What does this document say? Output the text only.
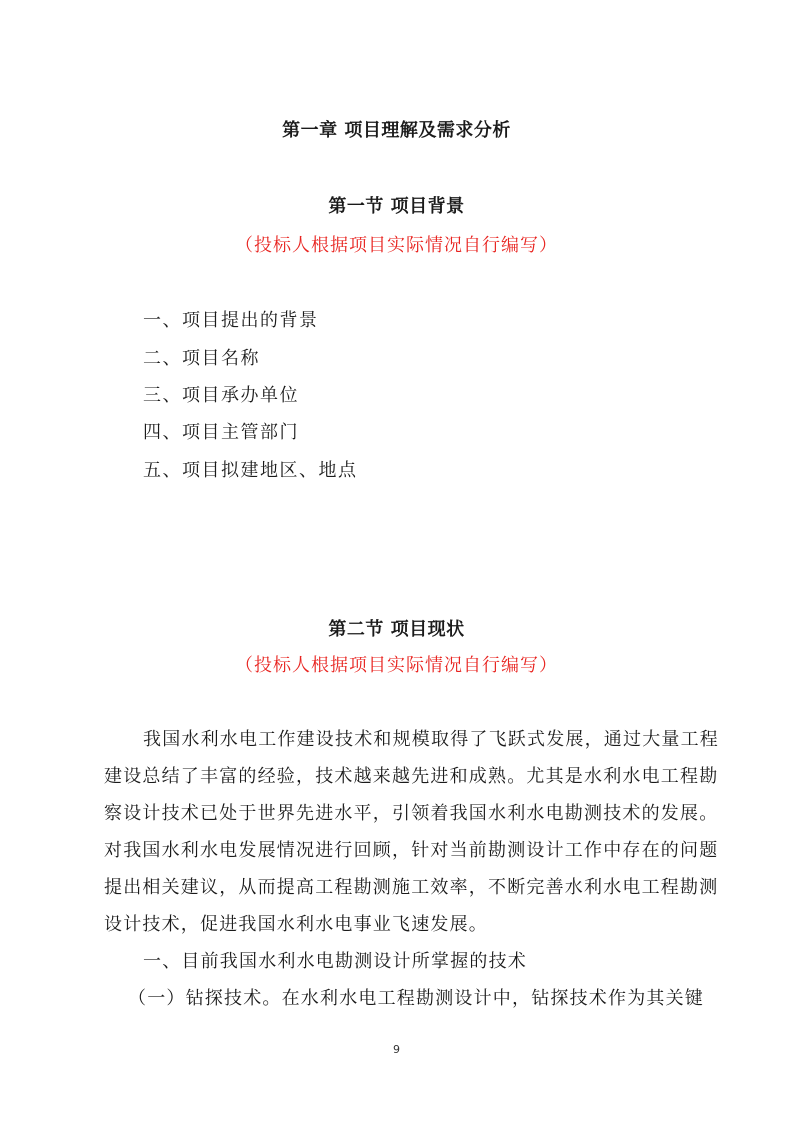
第一章 项目理解及需求分析
第一节 项目背景
（投标人根据项目实际情况自行编写）
一、项目提出的背景
二、项目名称
三、项目承办单位
四、项目主管部门
五、项目拟建地区、地点
第二节 项目现状
（投标人根据项目实际情况自行编写）
我国水利水电工作建设技术和规模取得了飞跃式发展，通过大量工程
建设总结了丰富的经验，技术越来越先进和成熟。尤其是水利水电工程勘
察设计技术已处于世界先进水平，引领着我国水利水电勘测技术的发展。
对我国水利水电发展情况进行回顾，针对当前勘测设计工作中存在的问题
提出相关建议，从而提高工程勘测施工效率，不断完善水利水电工程勘测
设计技术，促进我国水利水电事业飞速发展。
一、目前我国水利水电勘测设计所掌握的技术
（一）钻探技术。在水利水电工程勘测设计中，钻探技术作为其关键
9
